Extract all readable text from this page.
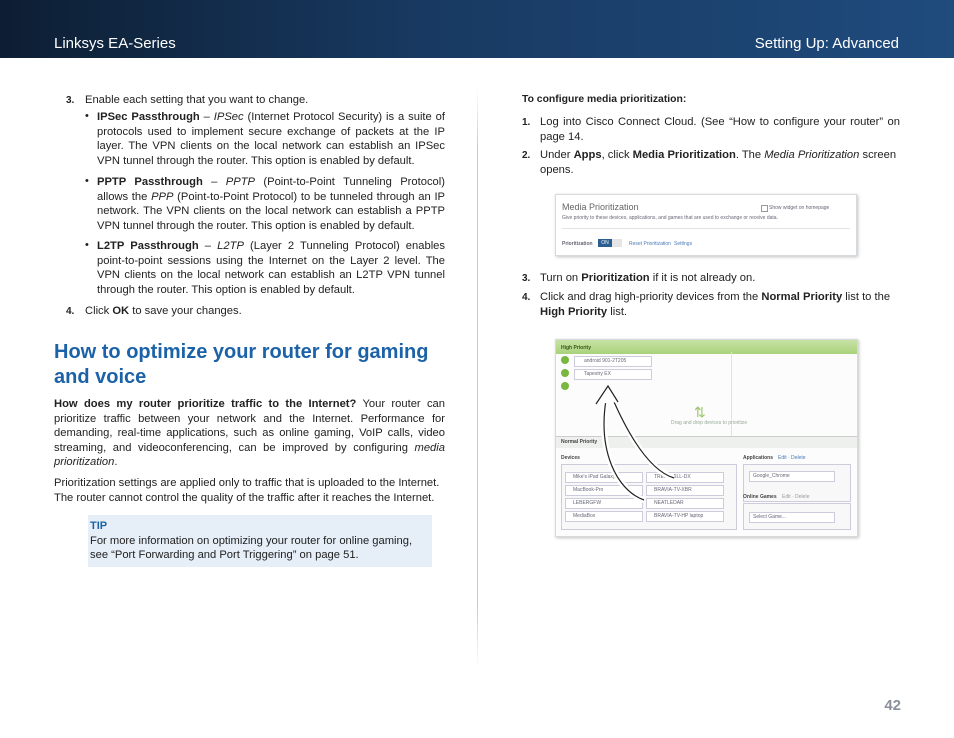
Linksys EA-Series	Setting Up: Advanced
3. Enable each setting that you want to change.
• IPSec Passthrough – IPSec (Internet Protocol Security) is a suite of protocols used to implement secure exchange of packets at the IP layer. The VPN clients on the local network can establish an IPSec VPN tunnel through the router. This option is enabled by default.
• PPTP Passthrough – PPTP (Point-to-Point Tunneling Protocol) allows the PPP (Point-to-Point Protocol) to be tunneled through an IP network. The VPN clients on the local network can establish a PPTP VPN tunnel through the router. This option is enabled by default.
• L2TP Passthrough – L2TP (Layer 2 Tunneling Protocol) enables point-to-point sessions using the Internet on the Layer 2 level. The VPN clients on the local network can establish an L2TP VPN tunnel through the router. This option is enabled by default.
4. Click OK to save your changes.
How to optimize your router for gaming and voice
How does my router prioritize traffic to the Internet? Your router can prioritize traffic between your network and the Internet. Performance for demanding, real-time applications, such as online gaming, VoIP calls, video streaming, and videoconferencing, can be improved by configuring media prioritization.
Prioritization settings are applied only to traffic that is uploaded to the Internet. The router cannot control the quality of the traffic after it reaches the Internet.
TIP
For more information on optimizing your router for online gaming, see “Port Forwarding and Port Triggering” on page 51.
To configure media prioritization:
1. Log into Cisco Connect Cloud. (See “How to configure your router” on page 14.
2. Under Apps, click Media Prioritization. The Media Prioritization screen opens.
Media Prioritization
Give priority to these devices, applications, and games that are used to exchange or receive data.
Show widget on homepage
Prioritization	ON	Reset Prioritization Settings
3. Turn on Prioritization if it is not already on.
4. Click and drag high-priority devices from the Normal Priority list to the High Priority list.
High Priority
android 901-2T205
Tapestry EX
⇅
Drag and drop devices to prioritize
Normal Priority
Devices
Mike's iPad Galaxy	TREADMILL-DX
MacBook-Pro	BRAVIA-TV-XBR
LEBERGFW	NEATLEDAR
MediaBox	BRAVIA-TV-HP laptop
Applications Edit · Delete
Google_Chrome
Online Games Edit · Delete
Select Game...
42
